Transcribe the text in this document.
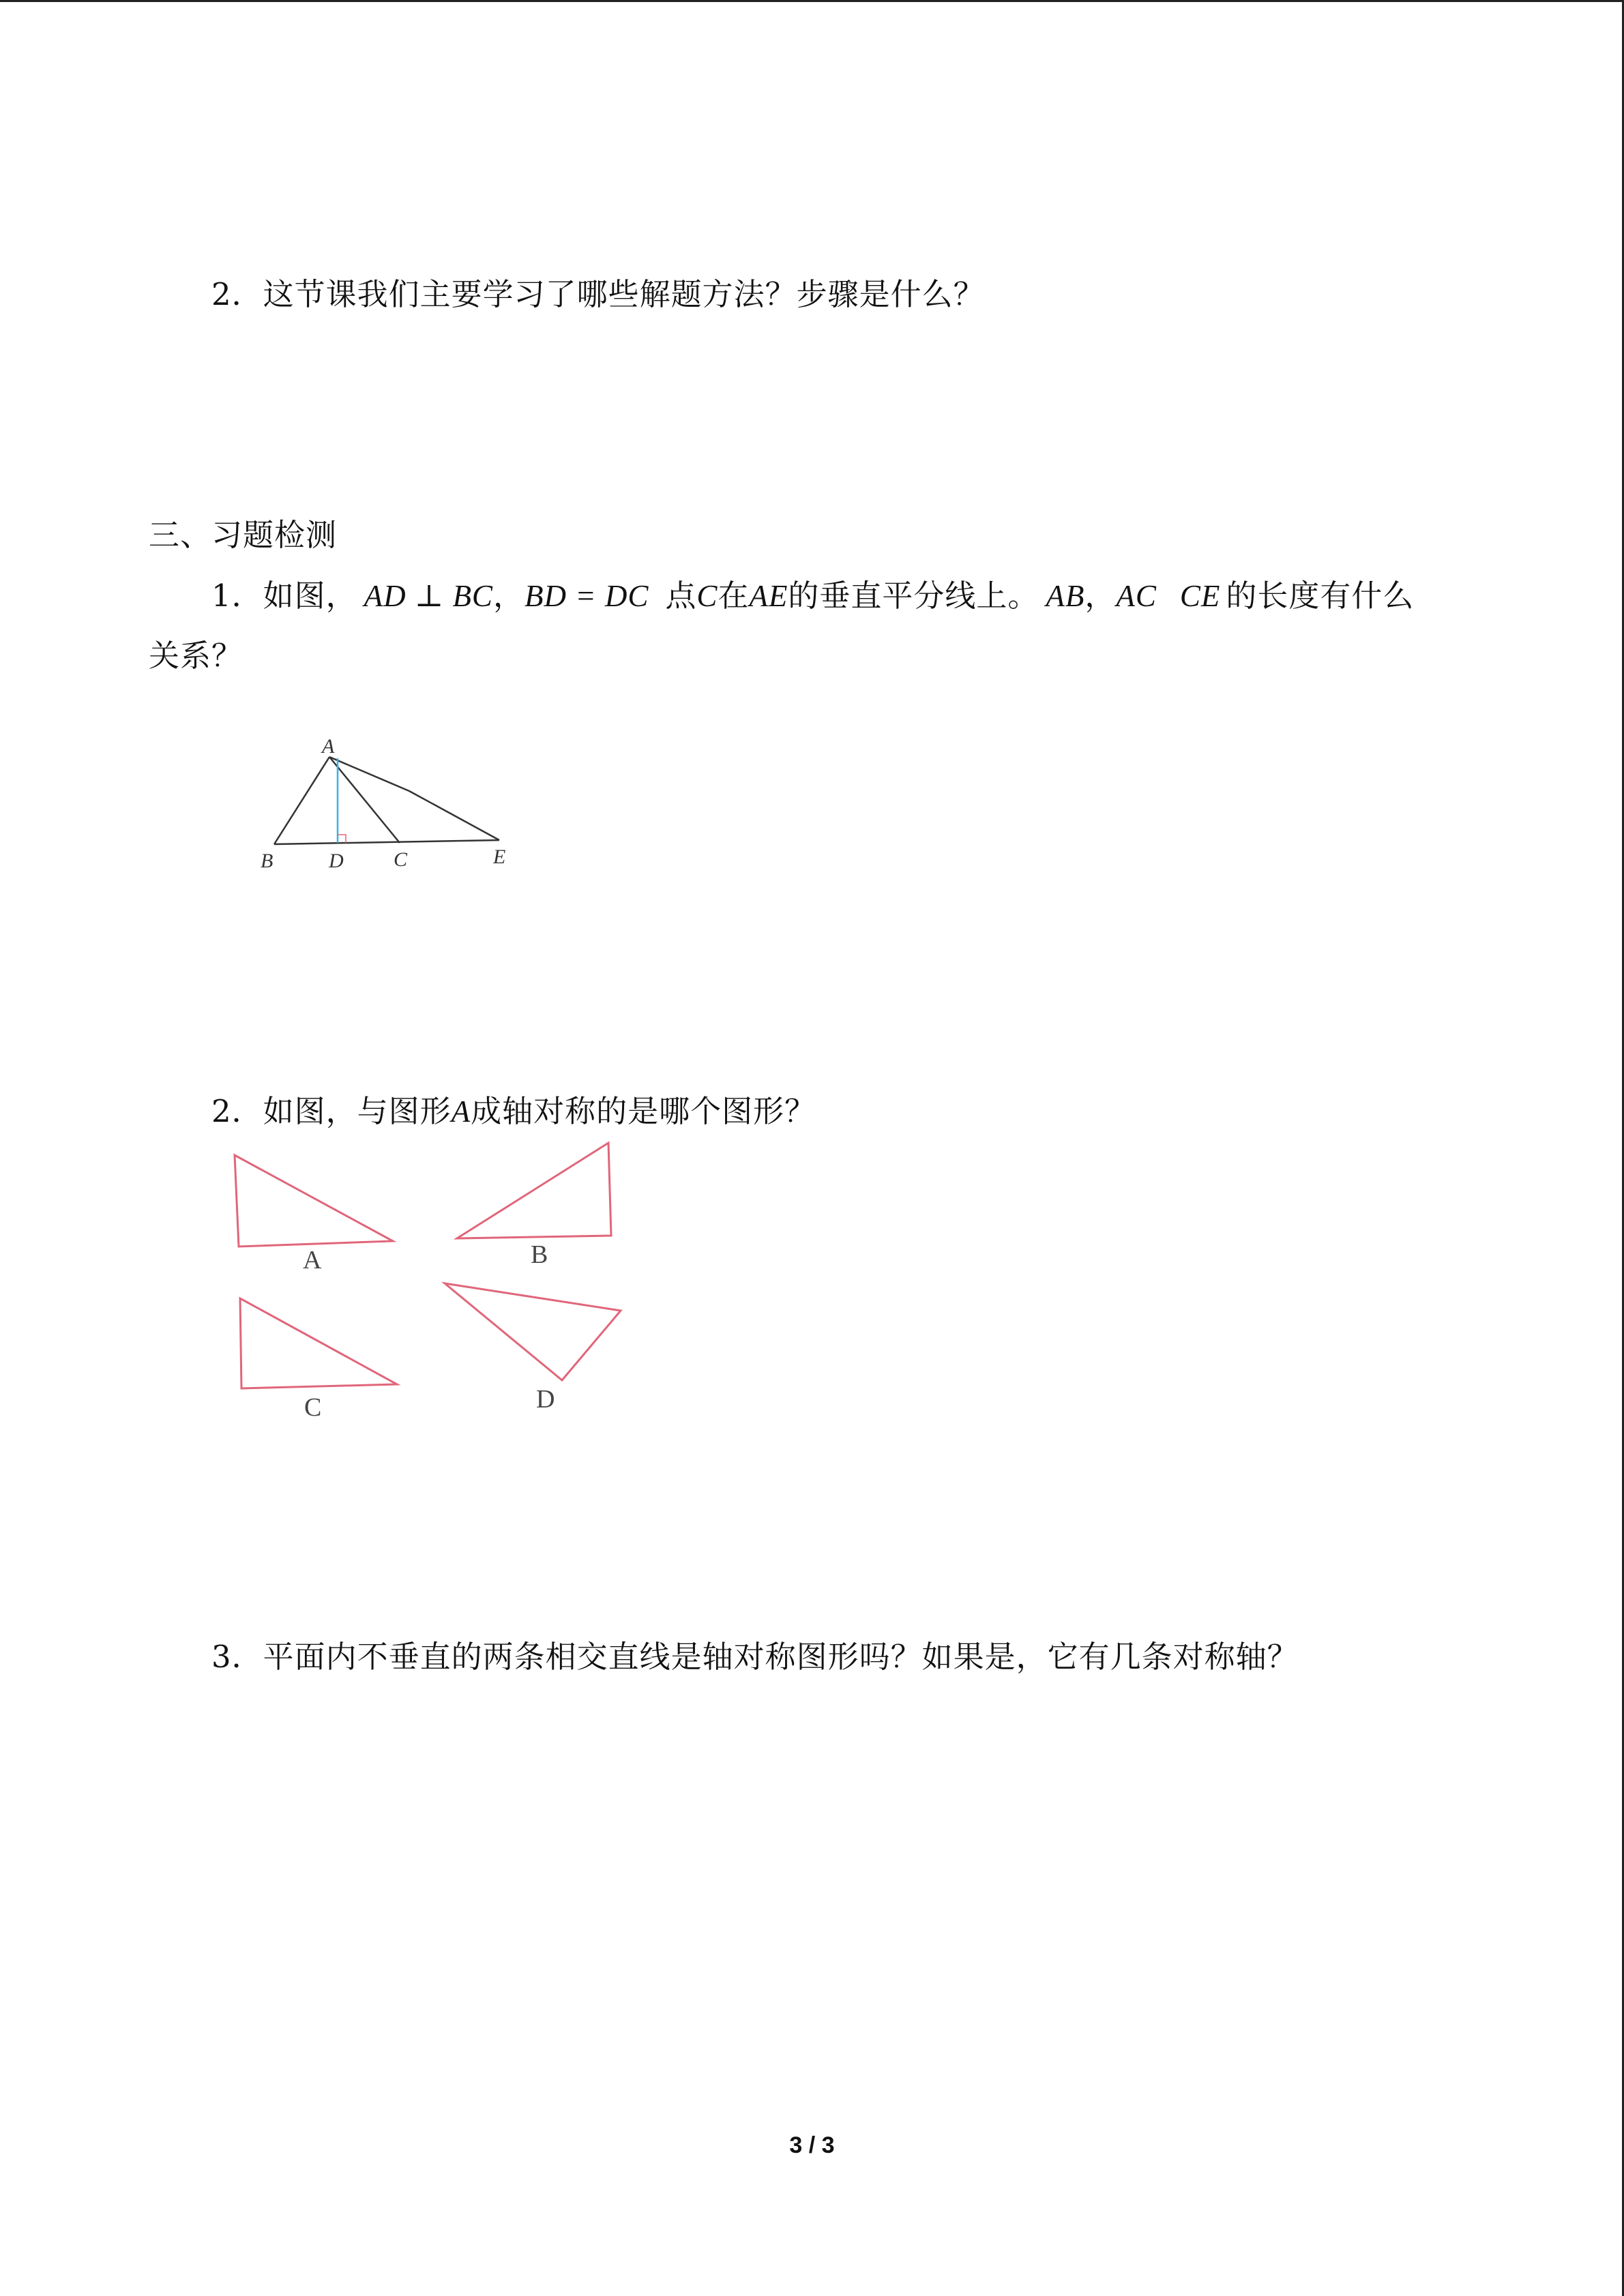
2．这节课我们主要学习了哪些解题方法？步骤是什么？
三、习题检测
1．如图， AD ⊥ BC，BD = DC 点C在AE的垂直平分线上。 AB，AC CE 的长度有什么
关系？
A
B	D C	E
2．如图，与图形A成轴对称的是哪个图形？
A	B
C	D
3．平面内不垂直的两条相交直线是轴对称图形吗？如果是，它有几条对称轴？
3 / 3
